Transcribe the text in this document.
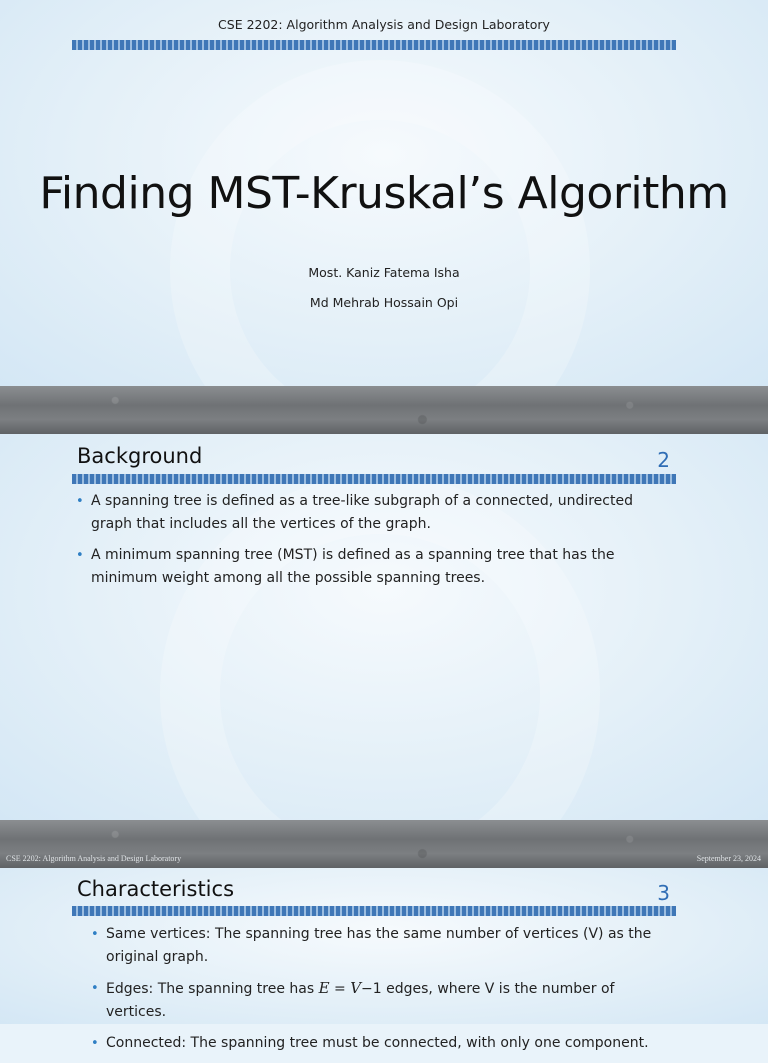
CSE 2202: Algorithm Analysis and Design Laboratory
Finding MST-Kruskal’s Algorithm
Most. Kaniz Fatema Isha
Md Mehrab Hossain Opi
Background	2
• A spanning tree is defined as a tree-like subgraph of a connected, undirected graph that includes all the vertices of the graph.
• A minimum spanning tree (MST) is defined as a spanning tree that has the minimum weight among all the possible spanning trees.
CSE 2202: Algorithm Analysis and Design Laboratory	September 23, 2024
Characteristics	3
• Same vertices: The spanning tree has the same number of vertices (V) as the original graph.
• Edges: The spanning tree has E = V−1 edges, where V is the number of vertices.
• Connected: The spanning tree must be connected, with only one component.
